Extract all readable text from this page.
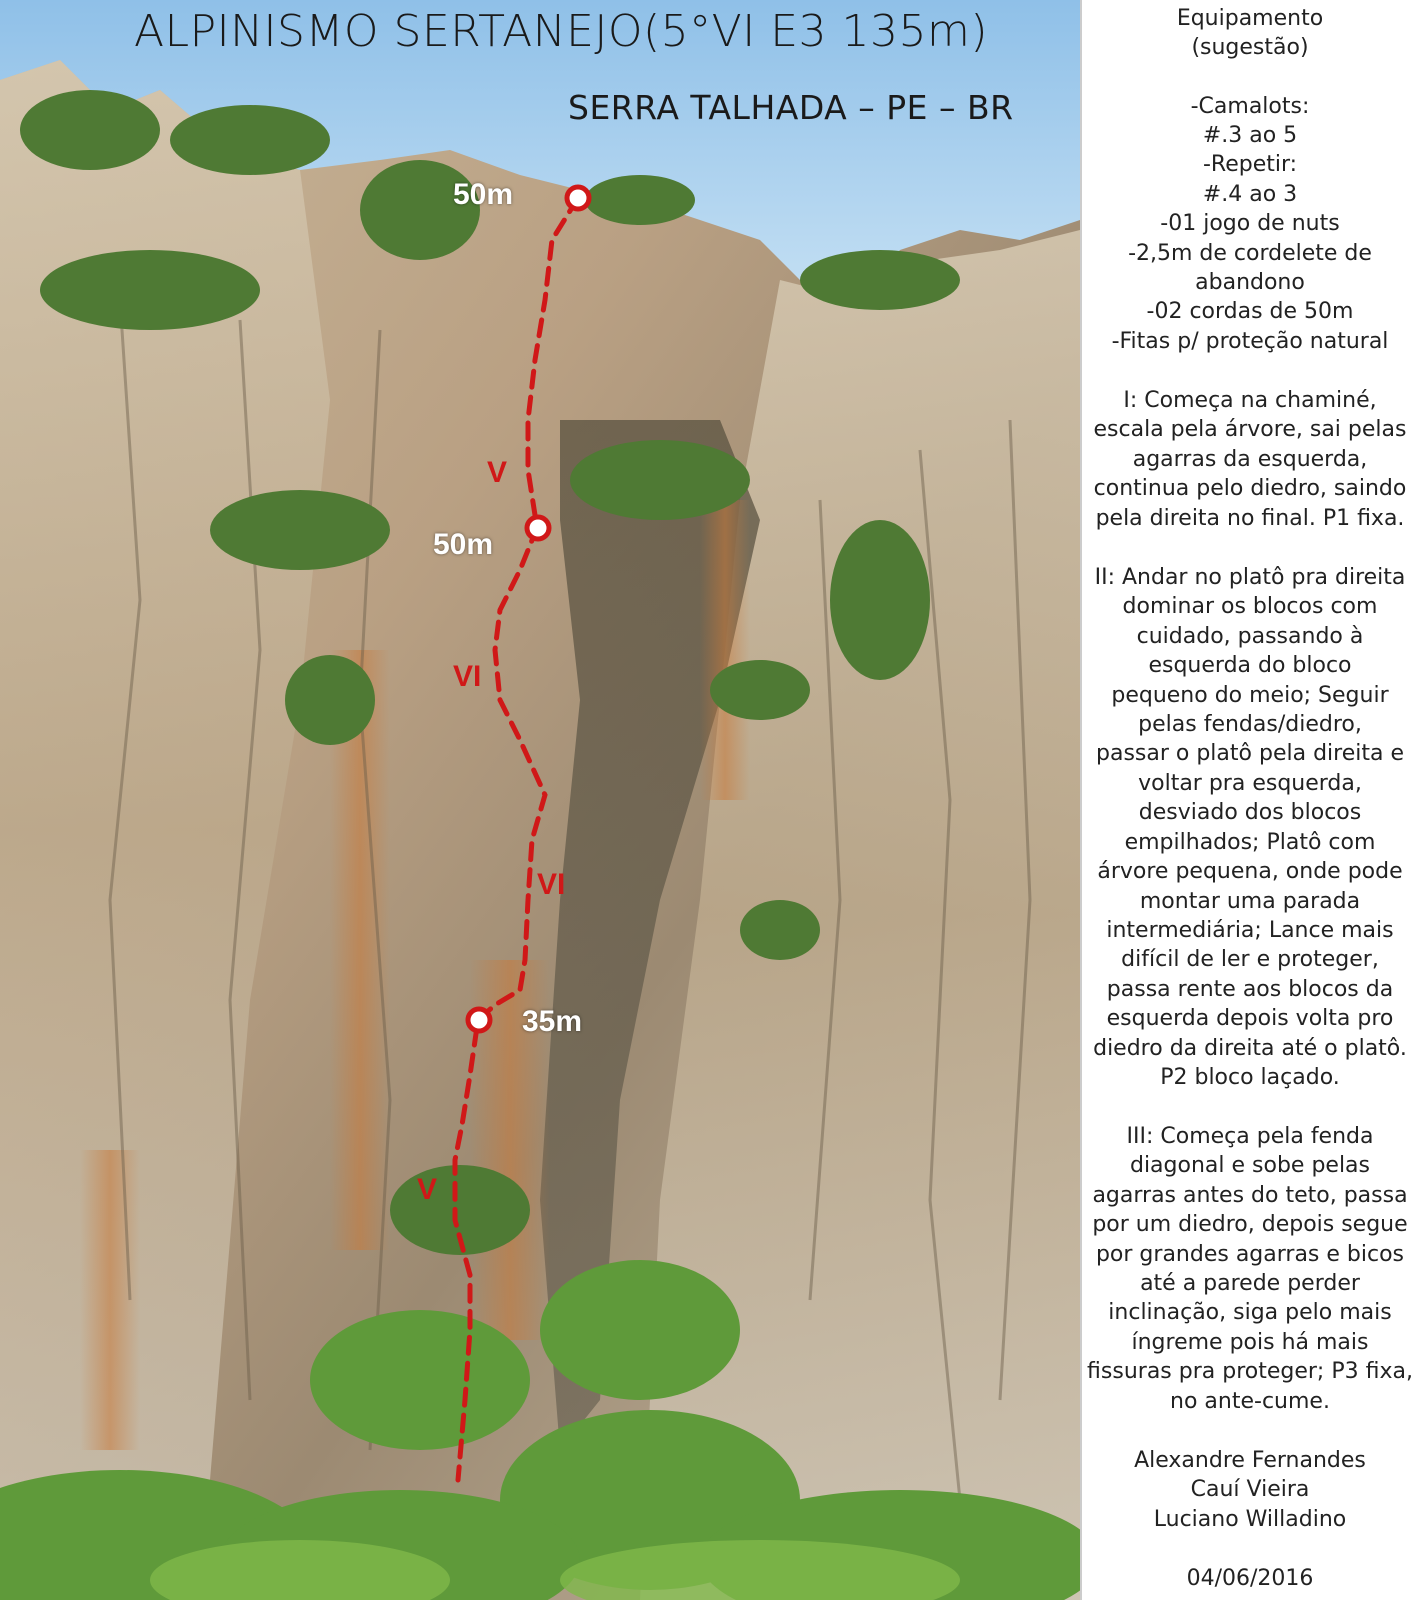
ALPINISMO SERTANEJO(5°VI E3 135m)
SERRA TALHADA – PE – BR
50m
50m
35m
V
VI
VI
V
Equipamento
(sugestão)
-Camalots:
#.3 ao 5
-Repetir:
#.4 ao 3
-01 jogo de nuts
-2,5m de cordelete de
abandono
-02 cordas de 50m
-Fitas p/ proteção natural
I: Começa na chaminé,
escala pela árvore, sai pelas
agarras da esquerda,
continua pelo diedro, saindo
pela direita no final. P1 fixa.
II: Andar no platô pra direita
dominar os blocos com
cuidado, passando à
esquerda do bloco
pequeno do meio; Seguir
pelas fendas/diedro,
passar o platô pela direita e
voltar pra esquerda,
desviado dos blocos
empilhados; Platô com
árvore pequena, onde pode
montar uma parada
intermediária; Lance mais
difícil de ler e proteger,
passa rente aos blocos da
esquerda depois volta pro
diedro da direita até o platô.
P2 bloco laçado.
III: Começa pela fenda
diagonal e sobe pelas
agarras antes do teto, passa
por um diedro, depois segue
por grandes agarras e bicos
até a parede perder
inclinação, siga pelo mais
íngreme pois há mais
fissuras pra proteger; P3 fixa,
no ante-cume.
Alexandre Fernandes
Cauí Vieira
Luciano Willadino
04/06/2016
